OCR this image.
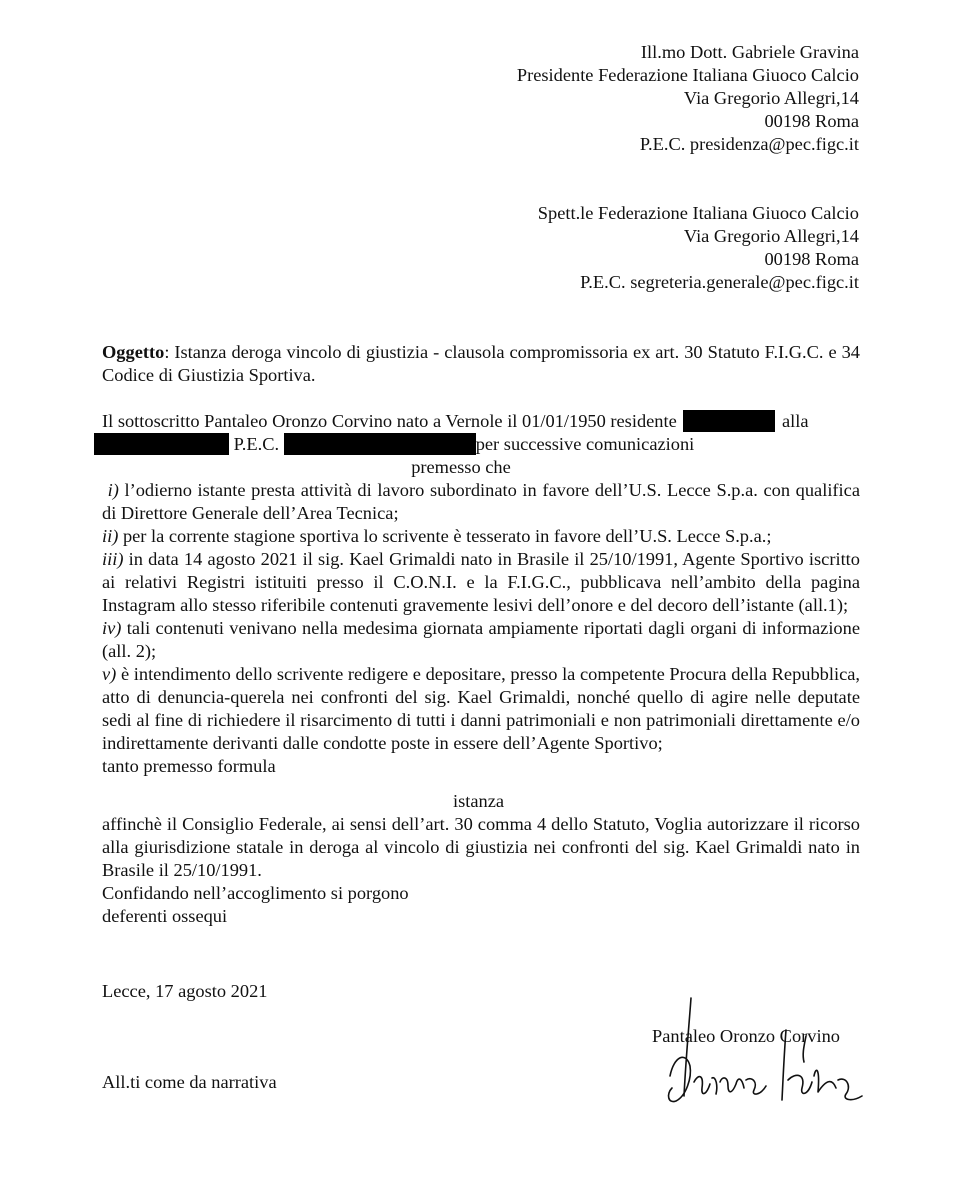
Ill.mo Dott. Gabriele Gravina
Presidente Federazione Italiana Giuoco Calcio
Via Gregorio Allegri,14
00198 Roma
P.E.C. presidenza@pec.figc.it
Spett.le Federazione Italiana Giuoco Calcio
Via Gregorio Allegri,14
00198 Roma
P.E.C. segreteria.generale@pec.figc.it
Oggetto: Istanza deroga vincolo di giustizia - clausola compromissoria ex art. 30 Statuto F.I.G.C. e 34 Codice di Giustizia Sportiva.
Il sottoscritto Pantaleo Oronzo Corvino nato a Vernole il 01/01/1950 residente	alla
P.E.C.	per successive comunicazioni
premesso che
i) l’odierno istante presta attività di lavoro subordinato in favore dell’U.S. Lecce S.p.a. con qualifica di Direttore Generale dell’Area Tecnica;
ii) per la corrente stagione sportiva lo scrivente è tesserato in favore dell’U.S. Lecce S.p.a.;
iii) in data 14 agosto 2021 il sig. Kael Grimaldi nato in Brasile il 25/10/1991, Agente Sportivo iscritto ai relativi Registri istituiti presso il C.O.N.I. e la F.I.G.C., pubblicava nell’ambito della pagina Instagram allo stesso riferibile contenuti gravemente lesivi dell’onore e del decoro dell’istante (all.1);
iv) tali contenuti venivano nella medesima giornata ampiamente riportati dagli organi di informazione (all. 2);
v) è intendimento dello scrivente redigere e depositare, presso la competente Procura della Repubblica, atto di denuncia-querela nei confronti del sig. Kael Grimaldi, nonché quello di agire nelle deputate sedi al fine di richiedere il risarcimento di tutti i danni patrimoniali e non patrimoniali direttamente e/o indirettamente derivanti dalle condotte poste in essere dell’Agente Sportivo;
tanto premesso formula
istanza
affinchè il Consiglio Federale, ai sensi dell’art. 30 comma 4 dello Statuto, Voglia autorizzare il ricorso alla giurisdizione statale in deroga al vincolo di giustizia nei confronti del sig. Kael Grimaldi nato in Brasile il 25/10/1991.
Confidando nell’accoglimento si porgono
deferenti ossequi
Lecce, 17 agosto 2021
Pantaleo Oronzo Corvino
All.ti come da narrativa
